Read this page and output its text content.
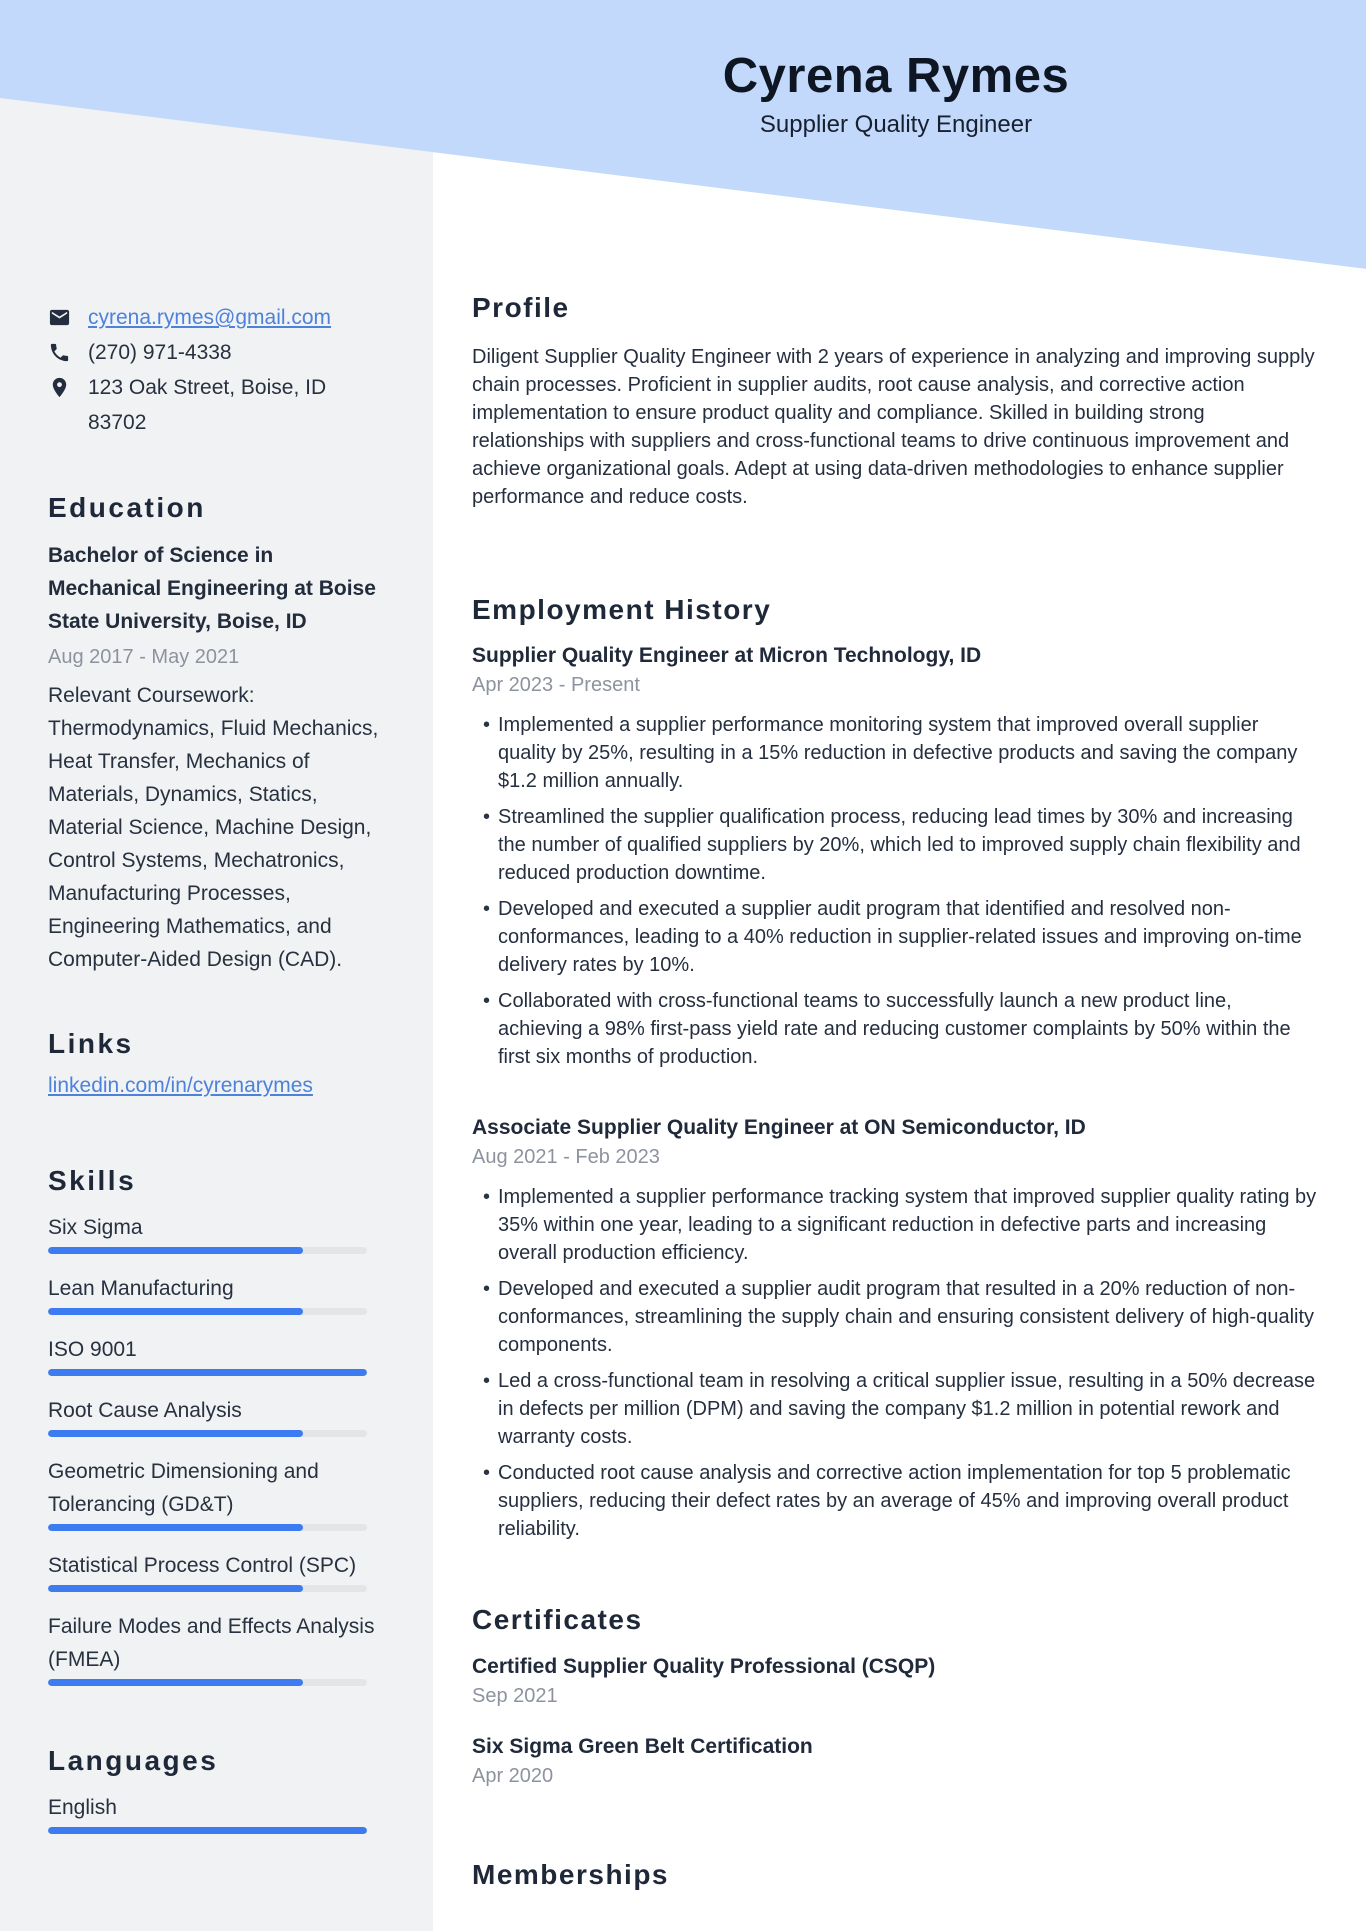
cyrena.rymes@gmail.com
(270) 971-4338
123 Oak Street, Boise, ID 83702
Education

Bachelor of Science in Mechanical Engineering at Boise State University, Boise, ID

Aug 2017 - May 2021

Relevant Coursework: Thermodynamics, Fluid Mechanics, Heat Transfer, Mechanics of Materials, Dynamics, Statics, Material Science, Machine Design, Control Systems, Mechatronics, Manufacturing Processes, Engineering Mathematics, and Computer-Aided Design (CAD).

Links
linkedin.com/in/cyrenarymes
Skills
Six Sigma
Lean Manufacturing
ISO 9001
Root Cause Analysis
Geometric Dimensioning and Tolerancing (GD&T)
Statistical Process Control (SPC)
Failure Modes and Effects Analysis (FMEA)
Languages
English
Profile

Diligent Supplier Quality Engineer with 2 years of experience in analyzing and improving supply chain processes. Proficient in supplier audits, root cause analysis, and corrective action implementation to ensure product quality and compliance. Skilled in building strong relationships with suppliers and cross-functional teams to drive continuous improvement and achieve organizational goals. Adept at using data-driven methodologies to enhance supplier performance and reduce costs.

Employment History
Supplier Quality Engineer at Micron Technology, ID

Apr 2023 - Present

• Implemented a supplier performance monitoring system that improved overall supplier quality by 25%, resulting in a 15% reduction in defective products and saving the company $1.2 million annually.
• Streamlined the supplier qualification process, reducing lead times by 30% and increasing the number of qualified suppliers by 20%, which led to improved supply chain flexibility and reduced production downtime.
• Developed and executed a supplier audit program that identified and resolved non-conformances, leading to a 40% reduction in supplier-related issues and improving on-time delivery rates by 10%.
• Collaborated with cross-functional teams to successfully launch a new product line, achieving a 98% first-pass yield rate and reducing customer complaints by 50% within the first six months of production.
Associate Supplier Quality Engineer at ON Semiconductor, ID

Aug 2021 - Feb 2023

• Implemented a supplier performance tracking system that improved supplier quality rating by 35% within one year, leading to a significant reduction in defective parts and increasing overall production efficiency.
• Developed and executed a supplier audit program that resulted in a 20% reduction of non-conformances, streamlining the supply chain and ensuring consistent delivery of high-quality components.
• Led a cross-functional team in resolving a critical supplier issue, resulting in a 50% decrease in defects per million (DPM) and saving the company $1.2 million in potential rework and warranty costs.
• Conducted root cause analysis and corrective action implementation for top 5 problematic suppliers, reducing their defect rates by an average of 45% and improving overall product reliability.
Certificates
Certified Supplier Quality Professional (CSQP)

Sep 2021

Six Sigma Green Belt Certification

Apr 2020

Memberships
Cyrena Rymes
Supplier Quality Engineer
